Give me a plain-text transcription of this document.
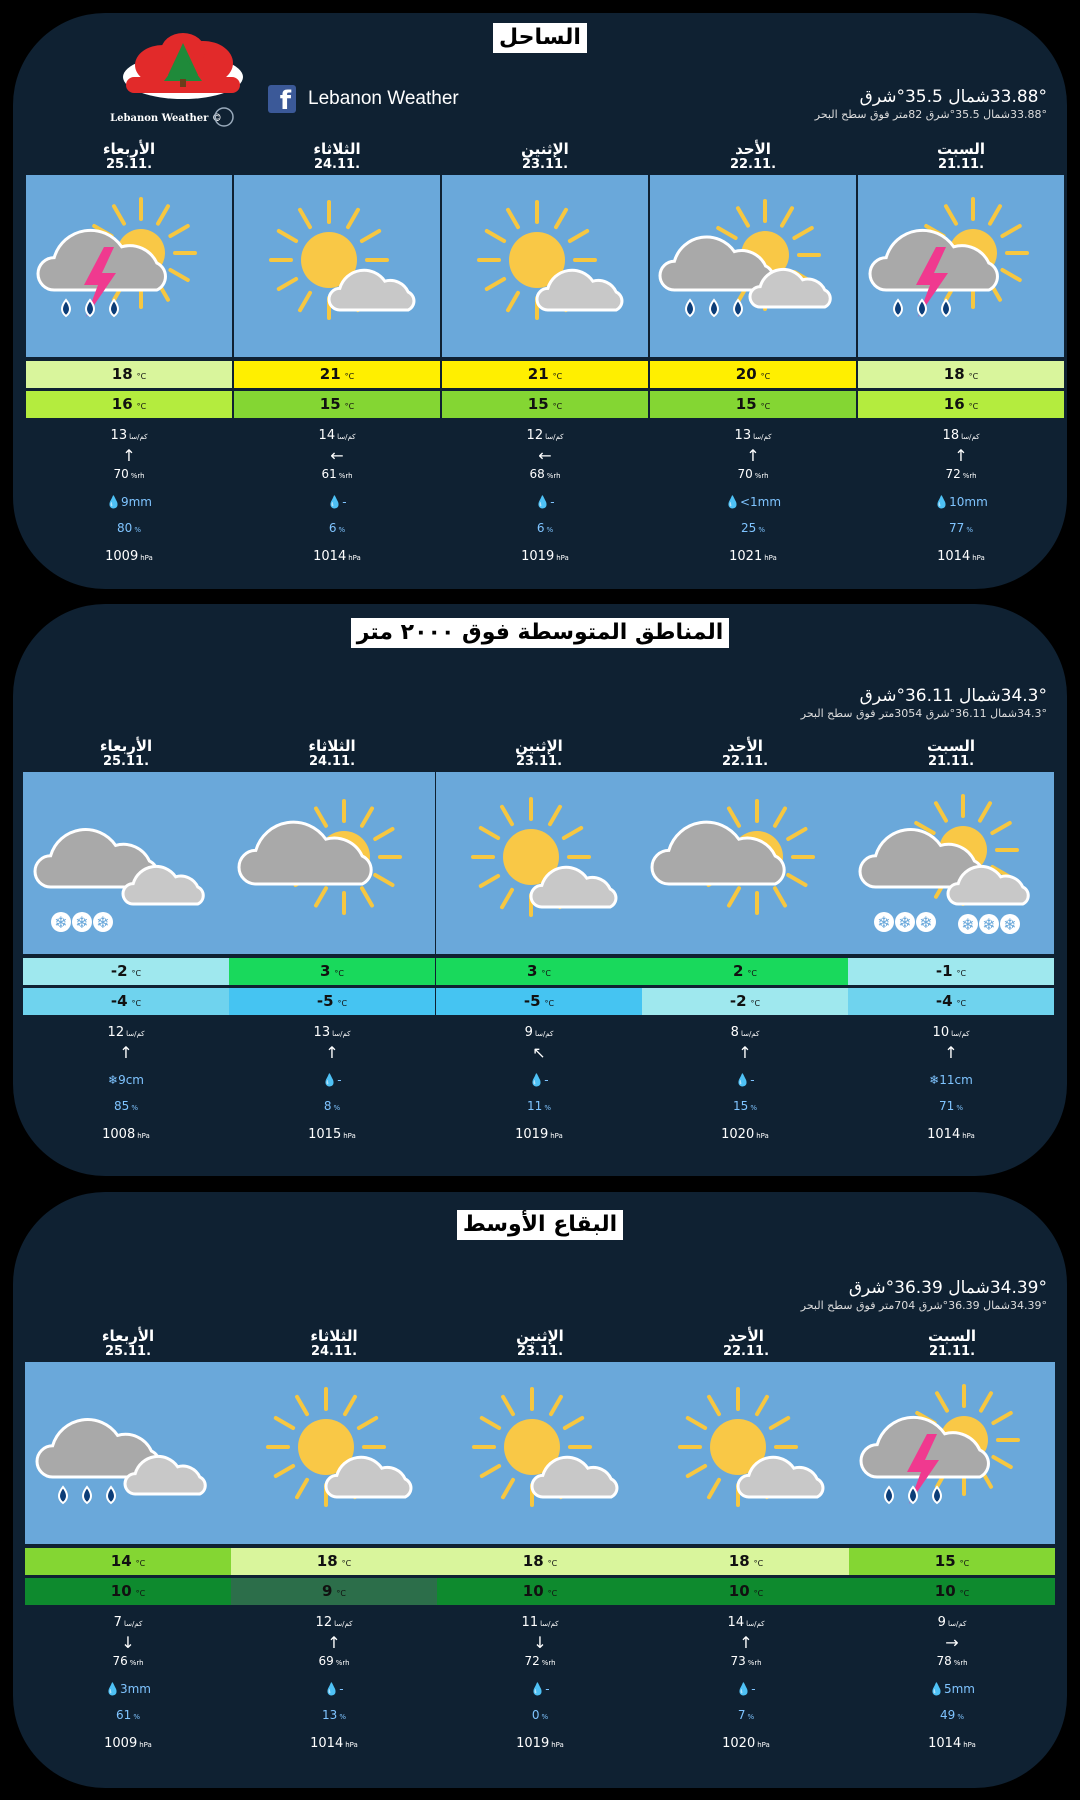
الساحل
Lebanon Weather ©
f Lebanon Weather	33.88°شمال 35.5°شرق
33.88°شمال 35.5°شرق 82متر فوق سطح البحر
الأربعاء
25.11.
18 °C
16 °C
13 كم/سا
↑
70 %rh
💧9mm
80 %
1009 hPa
الثلاثاء
24.11.
21 °C
15 °C
14 كم/سا
←
61 %rh
💧-
6 %
1014 hPa
الإثنين
23.11.
21 °C
15 °C
12 كم/سا
←
68 %rh
💧-
6 %
1019 hPa
الأحد
22.11.
20 °C
15 °C
13 كم/سا
↑
70 %rh
💧<1mm
25 %
1021 hPa
السبت
21.11.
18 °C
16 °C
18 كم/سا
↑
72 %rh
💧10mm
77 %
1014 hPa
المناطق المتوسطة فوق ٢٠٠٠ متر
34.3°شمال 36.11°شرق
34.3°شمال 36.11°شرق 3054متر فوق سطح البحر
الأربعاء
25.11.
❄ ❄ ❄
-2 °C
-4 °C
12 كم/سا
↑
❄9cm
85 %
1008 hPa
الثلاثاء
24.11.
3 °C
-5 °C
13 كم/سا
↑
💧-
8 %
1015 hPa
الإثنين
23.11.
3 °C
-5 °C
9 كم/سا
↖
💧-
11 %
1019 hPa
الأحد
22.11.
2 °C
-2 °C
8 كم/سا
↑
💧-
15 %
1020 hPa
السبت
21.11.
❄ ❄ ❄ ❄ ❄ ❄
-1 °C
-4 °C
10 كم/سا
↑
❄11cm
71 %
1014 hPa
البقاع الأوسط
34.39°شمال 36.39°شرق
34.39°شمال 36.39°شرق 704متر فوق سطح البحر
الأربعاء
25.11.
14 °C
10 °C
7 كم/سا
↓
76 %rh
💧3mm
61 %
1009 hPa
الثلاثاء
24.11.
18 °C
9 °C
12 كم/سا
↑
69 %rh
💧-
13 %
1014 hPa
الإثنين
23.11.
18 °C
10 °C
11 كم/سا
↓
72 %rh
💧-
0 %
1019 hPa
الأحد
22.11.
18 °C
10 °C
14 كم/سا
↑
73 %rh
💧-
7 %
1020 hPa
السبت
21.11.
15 °C
10 °C
9 كم/سا
→
78 %rh
💧5mm
49 %
1014 hPa
